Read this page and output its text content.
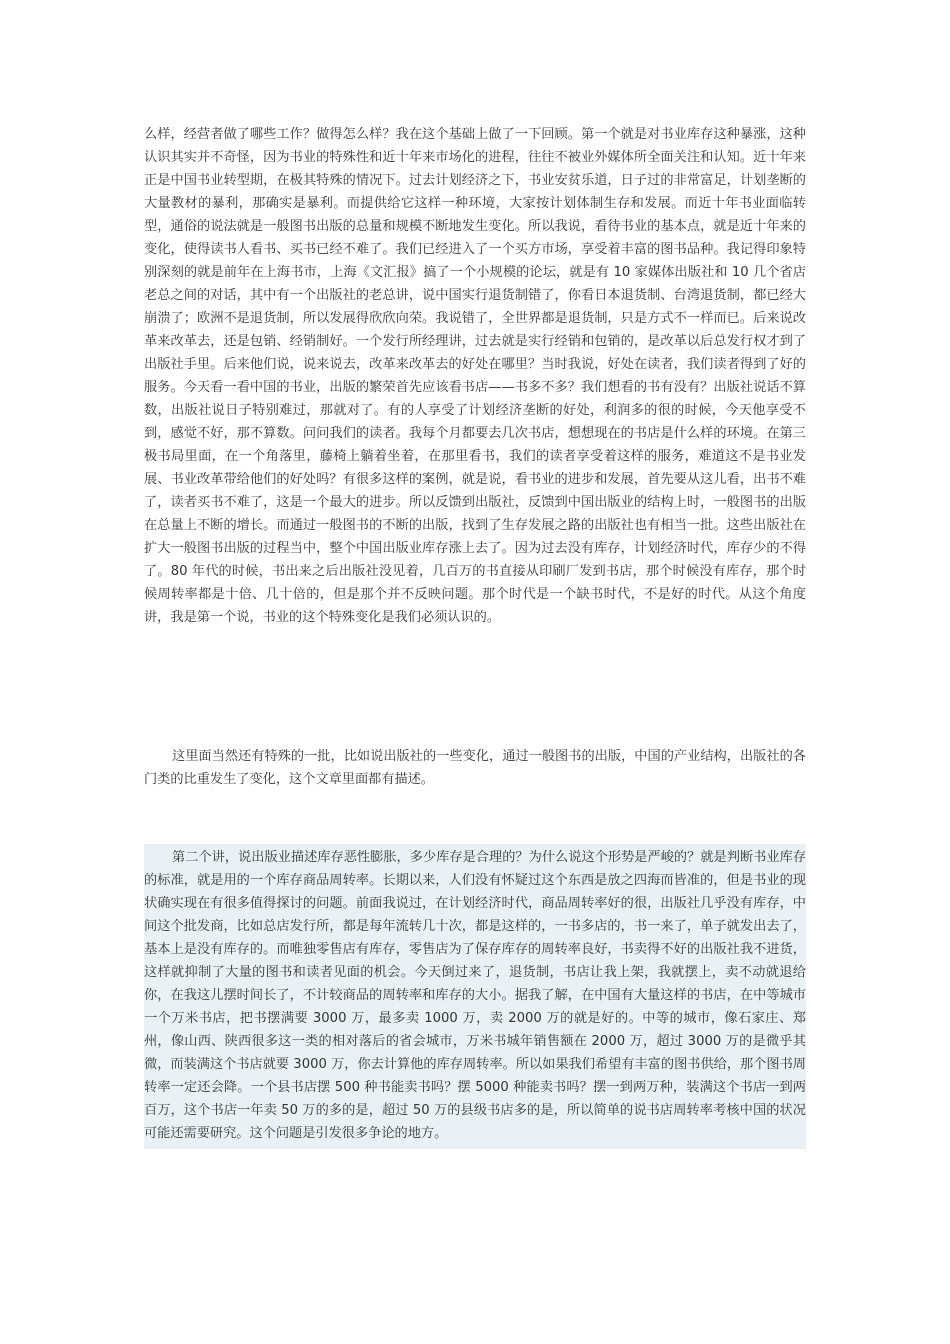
么样，经营者做了哪些工作？做得怎么样？我在这个基础上做了一下回顾。第一个就是对书业库存这种暴涨，这种认识其实并不奇怪，因为书业的特殊性和近十年来市场化的进程，往往不被业外媒体所全面关注和认知。近十年来正是中国书业转型期，在极其特殊的情况下。过去计划经济之下，书业安贫乐道，日子过的非常富足，计划垄断的大量教材的暴利，那确实是暴利。而提供给它这样一种环境，大家按计划体制生存和发展。而近十年书业面临转型，通俗的说法就是一般图书出版的总量和规模不断地发生变化。所以我说，看待书业的基本点，就是近十年来的变化，使得读书人看书、买书已经不难了。我们已经进入了一个买方市场，享受着丰富的图书品种。我记得印象特别深刻的就是前年在上海书市，上海《文汇报》搞了一个小规模的论坛，就是有 10 家媒体出版社和 10 几个省店老总之间的对话，其中有一个出版社的老总讲，说中国实行退货制错了，你看日本退货制、台湾退货制，都已经大崩溃了；欧洲不是退货制，所以发展得欣欣向荣。我说错了，全世界都是退货制，只是方式不一样而已。后来说改革来改革去，还是包销、经销制好。一个发行所经理讲，过去就是实行经销和包销的，是改革以后总发行权才到了出版社手里。后来他们说，说来说去，改革来改革去的好处在哪里？当时我说，好处在读者，我们读者得到了好的服务。今天看一看中国的书业，出版的繁荣首先应该看书店——书多不多？我们想看的书有没有？出版社说话不算数，出版社说日子特别难过，那就对了。有的人享受了计划经济垄断的好处，利润多的很的时候，今天他享受不到，感觉不好，那不算数。问问我们的读者。我每个月都要去几次书店，想想现在的书店是什么样的环境。在第三极书局里面，在一个角落里，藤椅上躺着坐着，在那里看书，我们的读者享受着这样的服务，难道这不是书业发展、书业改革带给他们的好处吗？有很多这样的案例，就是说，看书业的进步和发展，首先要从这儿看，出书不难了，读者买书不难了，这是一个最大的进步。所以反馈到出版社，反馈到中国出版业的结构上时，一般图书的出版在总量上不断的增长。而通过一般图书的不断的出版，找到了生存发展之路的出版社也有相当一批。这些出版社在扩大一般图书出版的过程当中，整个中国出版业库存涨上去了。因为过去没有库存，计划经济时代，库存少的不得了。80 年代的时候，书出来之后出版社没见着，几百万的书直接从印刷厂发到书店，那个时候没有库存，那个时候周转率都是十倍、几十倍的，但是那个并不反映问题。那个时代是一个缺书时代，不是好的时代。从这个角度讲，我是第一个说，书业的这个特殊变化是我们必须认识的。

这里面当然还有特殊的一批，比如说出版社的一些变化，通过一般图书的出版，中国的产业结构，出版社的各门类的比重发生了变化，这个文章里面都有描述。

第二个讲，说出版业描述库存恶性膨胀，多少库存是合理的？为什么说这个形势是严峻的？就是判断书业库存的标准，就是用的一个库存商品周转率。长期以来，人们没有怀疑过这个东西是放之四海而皆准的，但是书业的现状确实现在有很多值得探讨的问题。前面我说过，在计划经济时代，商品周转率好的很，出版社几乎没有库存，中间这个批发商，比如总店发行所，都是每年流转几十次，都是这样的，一书多店的，书一来了，单子就发出去了，基本上是没有库存的。而唯独零售店有库存，零售店为了保存库存的周转率良好，书卖得不好的出版社我不进货，这样就抑制了大量的图书和读者见面的机会。今天倒过来了，退货制，书店让我上架，我就摆上，卖不动就退给你，在我这儿摆时间长了，不计较商品的周转率和库存的大小。据我了解，在中国有大量这样的书店，在中等城市一个万米书店，把书摆满要 3000 万，最多卖 1000 万，卖 2000 万的就是好的。中等的城市，像石家庄、郑州，像山西、陕西很多这一类的相对落后的省会城市，万米书城年销售额在 2000 万，超过 3000 万的是微乎其微，而装满这个书店就要 3000 万，你去计算他的库存周转率。所以如果我们希望有丰富的图书供给，那个图书周转率一定还会降。一个县书店摆 500 种书能卖书吗？摆 5000 种能卖书吗？摆一到两万种，装满这个书店一到两百万，这个书店一年卖 50 万的多的是，超过 50 万的县级书店多的是，所以简单的说书店周转率考核中国的状况可能还需要研究。这个问题是引发很多争论的地方。
